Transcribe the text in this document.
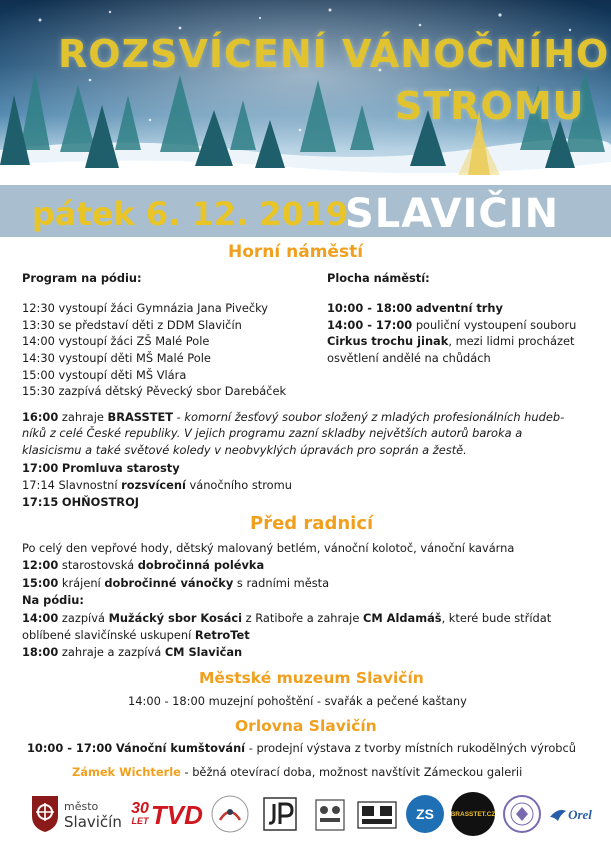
ROZSVÍCENÍ VÁNOČNÍHO
STROMU
pátek 6. 12. 2019
SLAVIČIN
Horní náměstí
Program na pódiu:
12:30 vystoupí žáci Gymnázia Jana Pivečky
13:30 se představí děti z DDM Slavičín
14:00 vystoupí žáci ZŠ Malé Pole
14:30 vystoupí děti MŠ Malé Pole
15:00 vystoupí děti MŠ Vlára
15:30 zazpívá dětský Pěvecký sbor Darebáček
Plocha náměstí:
10:00 - 18:00 adventní trhy
14:00 - 17:00 pouliční vystoupení souboru
Cirkus trochu jinak, mezi lidmi procházet
osvětlení andělé na chůdách
16:00 zahraje BRASSTET - komorní žesťový soubor složený z mladých profesionálních hudeb-
níků z celé České republiky. V jejich programu zazní skladby největších autorů baroka a
klasicismu a také světové koledy v neobvyklých úpravách pro soprán a žestě.
17:00 Promluva starosty
17:14 Slavnostní rozsvícení vánočního stromu
17:15 OHŇOSTROJ
Před radnicí
Po celý den vepřové hody, dětský malovaný betlém, vánoční kolotoč, vánoční kavárna
12:00 starostovská dobročinná polévka
15:00 krájení dobročinné vánočky s radními města
Na pódiu:
14:00 zazpívá Mužácký sbor Kosáci z Ratiboře a zahraje CM Aldamáš, které bude střídat
oblíbené slavičínské uskupení RetroTet
18:00 zahraje a zazpívá CM Slavičan
Městské muzeum Slavičín
14:00 - 18:00 muzejní pohoštění - svařák a pečené kaštany
Orlovna Slavičín
10:00 - 17:00 Vánoční kumštování - prodejní výstava z tvorby místních rukodělných výrobců
Zámek Wichterle - běžná otevírací doba, možnost navštívit Zámeckou galerii
město
Slavičín
30
LET TVD	ZS	BRASSTET.CZ	Orel
